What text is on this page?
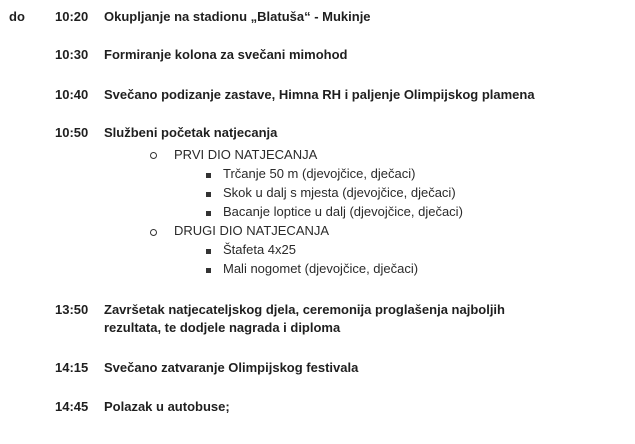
do 10:20 Okupljanje na stadionu „Blatuša“ - Mukinje
10:30 Formiranje kolona za svečani mimohod
10:40 Svečano podizanje zastave, Himna RH i paljenje Olimpijskog plamena
10:50 Službeni početak natjecanja
PRVI DIO NATJECANJA
Trčanje 50 m (djevojčice, dječaci)
Skok u dalj s mjesta (djevojčice, dječaci)
Bacanje loptice u dalj (djevojčice, dječaci)
DRUGI DIO NATJECANJA
Štafeta 4x25
Mali nogomet (djevojčice, dječaci)
13:50 Završetak natjecateljskog djela, ceremonija proglašenja najboljih
rezultata, te dodjele nagrada i diploma
14:15 Svečano zatvaranje Olimpijskog festivala
14:45 Polazak u autobuse;
